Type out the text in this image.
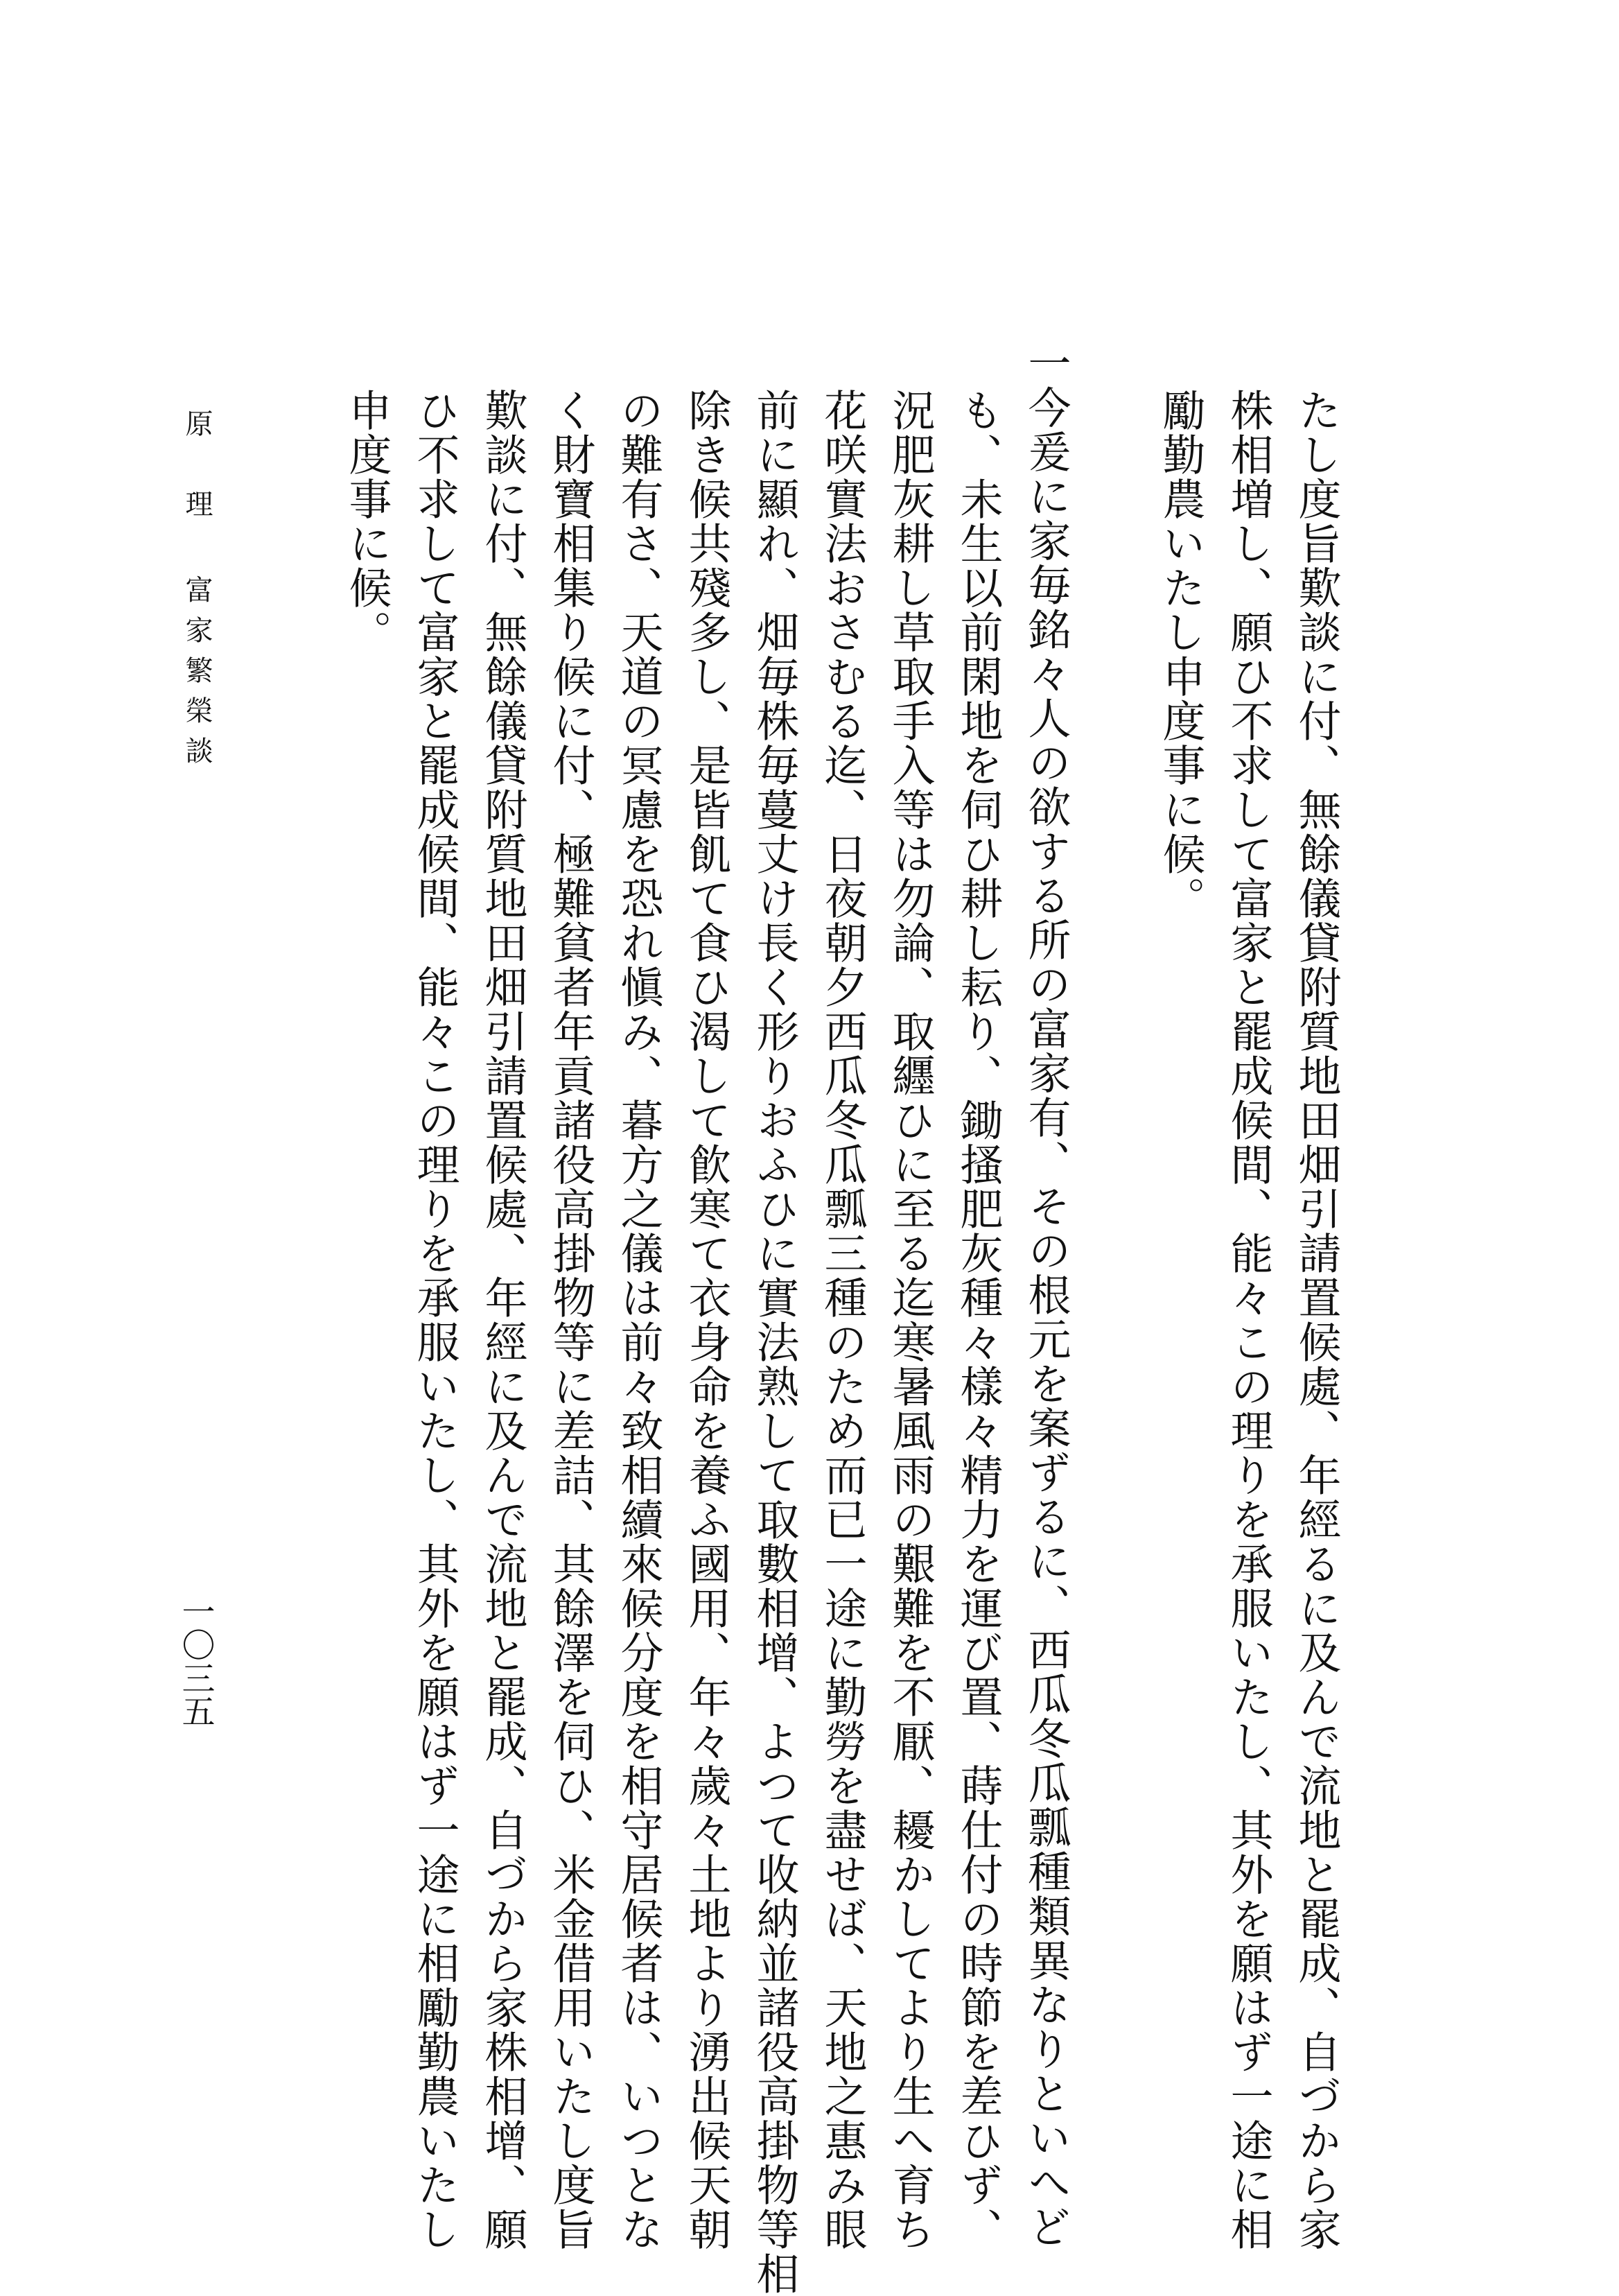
たし度旨歎談に付、無餘儀貸附質地田畑引請置候處、年經るに及んで流地と罷成、自づから家
株相増し、願ひ不求して富家と罷成候間、能々この理りを承服いたし、其外を願はず一途に相
勵勤農いたし申度事に候。
一今爰に家毎銘々人の欲する所の富家有、その根元を案ずるに、西瓜冬瓜瓢種類異なりといへど
も、未生以前閑地を伺ひ耕し耘り、鋤搔肥灰種々樣々精力を運び置、蒔仕付の時節を差ひず、
況肥灰耕し草取手入等は勿論、取纒ひに至る迄寒暑風雨の艱難を不厭、耰かしてより生へ育ち
花咲實法おさむる迄、日夜朝夕西瓜冬瓜瓢三種のため而已一途に勤勞を盡せば、天地之惠み眼
前に顯れ、畑毎株毎蔓丈け長く形りおふひに實法熟して取數相增、よつて收納並諸役高掛物等相
除き候共殘多し、是皆飢て食ひ渴して飮寒て衣身命を養ふ國用、年々歲々土地より湧出候天朝
の難有さ、天道の冥慮を恐れ愼み、暮方之儀は前々致相續來候分度を相守居候者は、いつとな
く財寶相集り候に付、極難貧者年貢諸役高掛物等に差詰、其餘澤を伺ひ、米金借用いたし度旨
歎談に付、無餘儀貸附質地田畑引請置候處、年經に及んで流地と罷成、自づから家株相增、願
ひ不求して富家と罷成候間、能々この理りを承服いたし、其外を願はず一途に相勵勤農いたし
申度事に候。
原　理
富家繁榮談
一〇三五
